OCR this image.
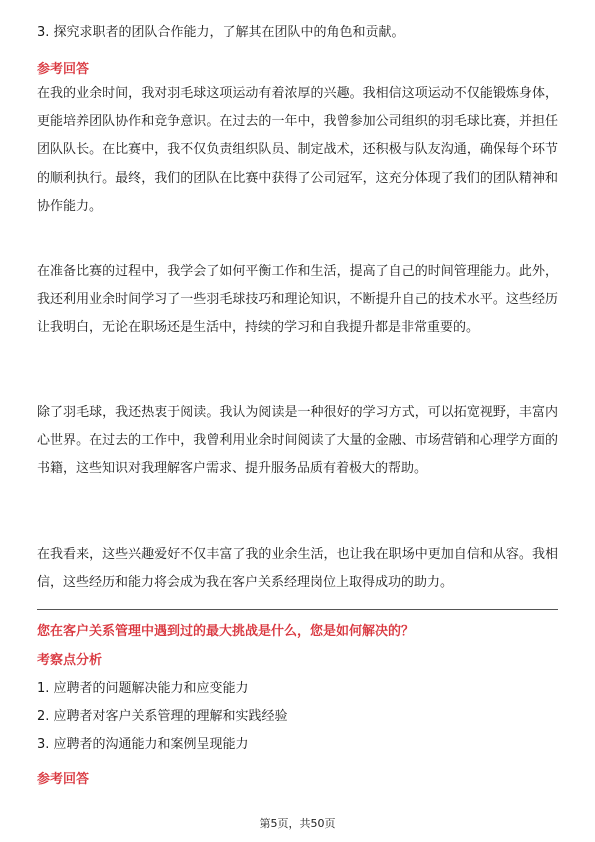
3. 探究求职者的团队合作能力，了解其在团队中的角色和贡献。
参考回答
在我的业余时间，我对羽毛球这项运动有着浓厚的兴趣。我相信这项运动不仅能锻炼身体，更能培养团队协作和竞争意识。在过去的一年中，我曾参加公司组织的羽毛球比赛，并担任团队队长。在比赛中，我不仅负责组织队员、制定战术，还积极与队友沟通，确保每个环节的顺利执行。最终，我们的团队在比赛中获得了公司冠军，这充分体现了我们的团队精神和协作能力。
在准备比赛的过程中，我学会了如何平衡工作和生活，提高了自己的时间管理能力。此外，我还利用业余时间学习了一些羽毛球技巧和理论知识，不断提升自己的技术水平。这些经历让我明白，无论在职场还是生活中，持续的学习和自我提升都是非常重要的。
除了羽毛球，我还热衷于阅读。我认为阅读是一种很好的学习方式，可以拓宽视野，丰富内心世界。在过去的工作中，我曾利用业余时间阅读了大量的金融、市场营销和心理学方面的书籍，这些知识对我理解客户需求、提升服务品质有着极大的帮助。
在我看来，这些兴趣爱好不仅丰富了我的业余生活，也让我在职场中更加自信和从容。我相信，这些经历和能力将会成为我在客户关系经理岗位上取得成功的助力。
您在客户关系管理中遇到过的最大挑战是什么，您是如何解决的？
考察点分析
1. 应聘者的问题解决能力和应变能力
2. 应聘者对客户关系管理的理解和实践经验
3. 应聘者的沟通能力和案例呈现能力
参考回答
第5页，共50页
